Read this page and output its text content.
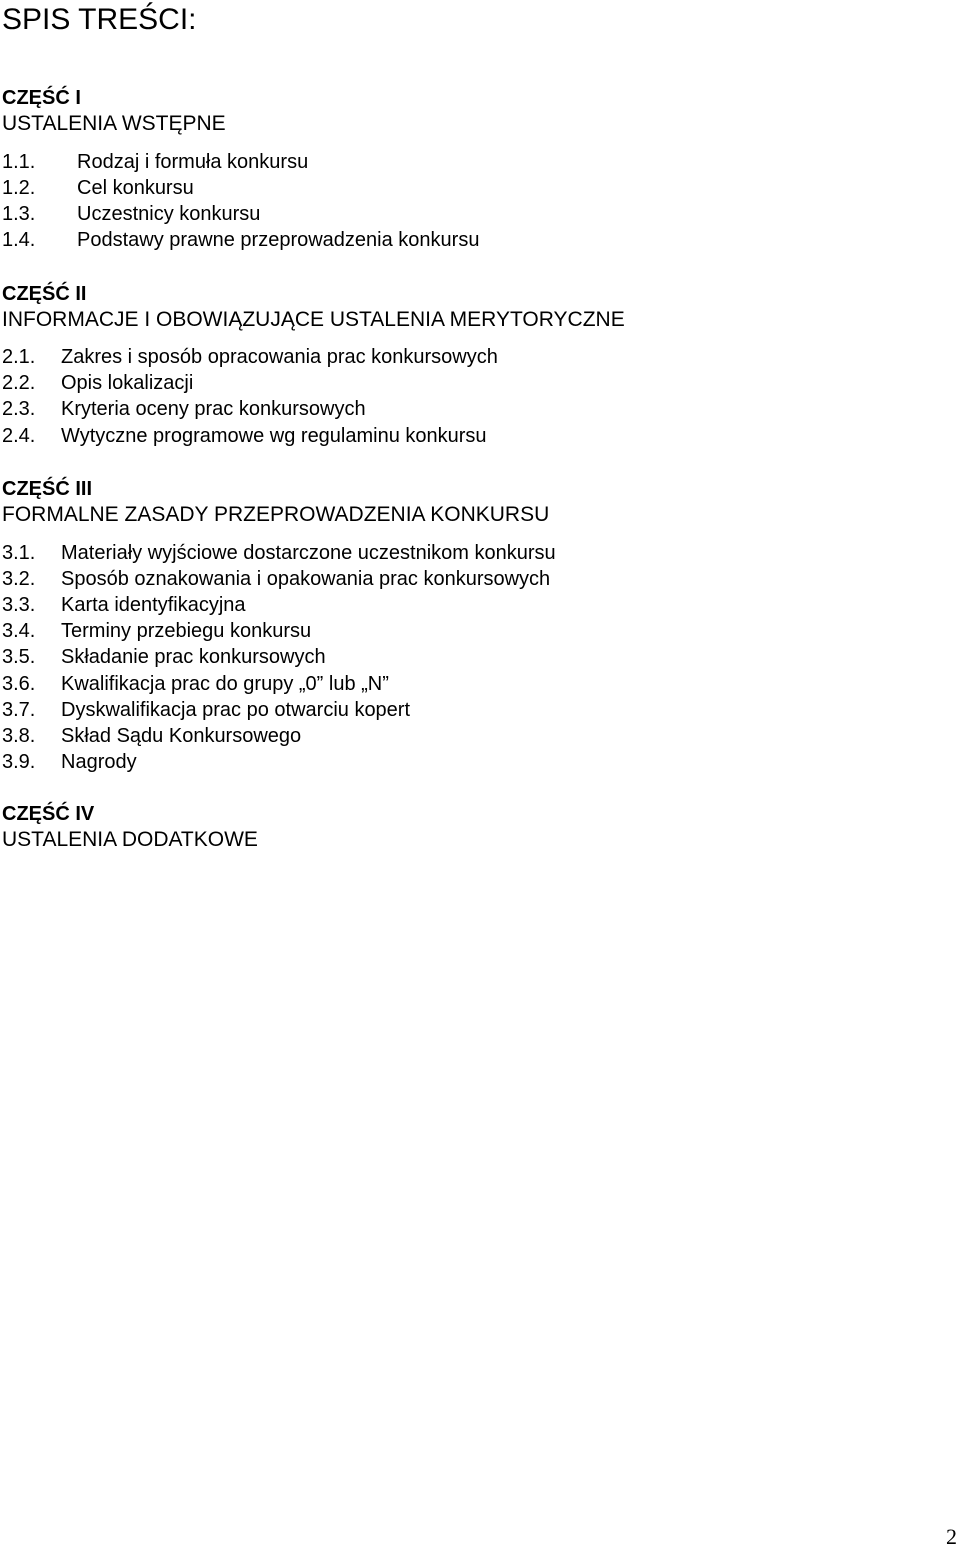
SPIS TREŚCI:
CZĘŚĆ I
USTALENIA WSTĘPNE
1.1. Rodzaj i formuła konkursu
1.2. Cel konkursu
1.3. Uczestnicy konkursu
1.4. Podstawy prawne przeprowadzenia konkursu
CZĘŚĆ II
INFORMACJE I OBOWIĄZUJĄCE USTALENIA MERYTORYCZNE
2.1. Zakres i sposób opracowania prac konkursowych
2.2. Opis lokalizacji
2.3. Kryteria oceny prac konkursowych
2.4. Wytyczne programowe wg regulaminu konkursu
CZĘŚĆ III
FORMALNE ZASADY PRZEPROWADZENIA KONKURSU
3.1. Materiały wyjściowe dostarczone uczestnikom konkursu
3.2. Sposób oznakowania i opakowania prac konkursowych
3.3. Karta identyfikacyjna
3.4. Terminy przebiegu konkursu
3.5. Składanie prac konkursowych
3.6. Kwalifikacja prac do grupy „0” lub „N”
3.7. Dyskwalifikacja prac po otwarciu kopert
3.8. Skład Sądu Konkursowego
3.9. Nagrody
CZĘŚĆ IV
USTALENIA DODATKOWE
2
